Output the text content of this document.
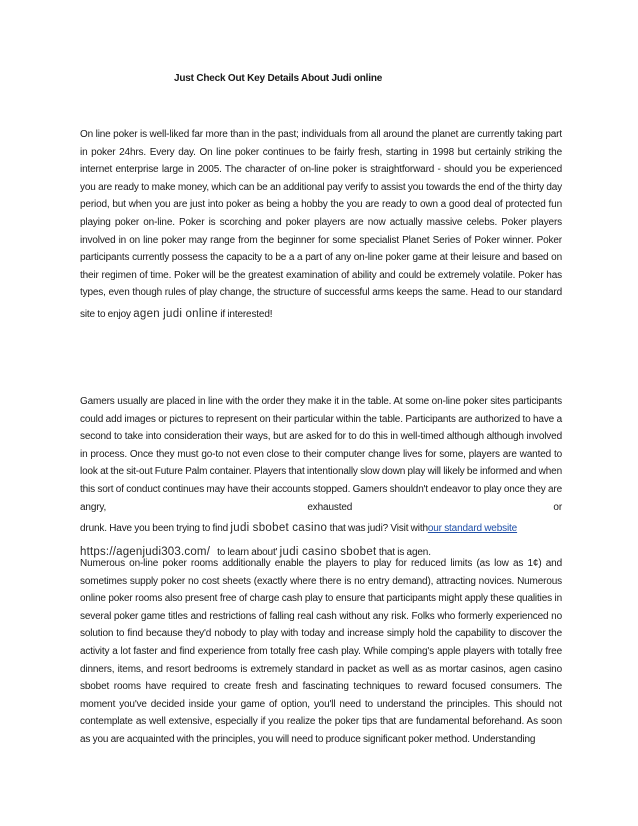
Just Check Out Key Details About Judi online
On line poker is well-liked far more than in the past; individuals from all around the planet are currently taking part in poker 24hrs. Every day. On line poker continues to be fairly fresh, starting in 1998 but certainly striking the internet enterprise large in 2005. The character of on-line poker is straightforward - should you be experienced you are ready to make money, which can be an additional pay verify to assist you towards the end of the thirty day period, but when you are just into poker as being a hobby the you are ready to own a good deal of protected fun playing poker on-line. Poker is scorching and poker players are now actually massive celebs. Poker players involved in on line poker may range from the beginner for some specialist Planet Series of Poker winner. Poker participants currently possess the capacity to be a a part of any on-line poker game at their leisure and based on their regimen of time. Poker will be the greatest examination of ability and could be extremely volatile. Poker has types, even though rules of play change, the structure of successful arms keeps the same. Head to our standard site to enjoy agen judi online if interested!
Gamers usually are placed in line with the order they make it in the table. At some on-line poker sites participants could add images or pictures to represent on their particular within the table. Participants are authorized to have a second to take into consideration their ways, but are asked for to do this in well-timed although although involved in process. Once they must go-to not even close to their computer change lives for some, players are wanted to look at the sit-out Future Palm container. Players that intentionally slow down play will likely be informed and when this sort of conduct continues may have their accounts stopped. Gamers shouldn't endeavor to play once they are angry, exhausted or drunk. Have you been trying to find judi sbobet casino that was judi? Visit withour standard website https://agenjudi303.com/ to learn about' judi casino sbobet that is agen.
Numerous on-line poker rooms additionally enable the players to play for reduced limits (as low as 1¢) and sometimes supply poker no cost sheets (exactly where there is no entry demand), attracting novices. Numerous online poker rooms also present free of charge cash play to ensure that participants might apply these qualities in several poker game titles and restrictions of falling real cash without any risk. Folks who formerly experienced no solution to find because they'd nobody to play with today and increase simply hold the capability to discover the activity a lot faster and find experience from totally free cash play. While comping's apple players with totally free dinners, items, and resort bedrooms is extremely standard in packet as well as as mortar casinos, agen casino sbobet rooms have required to create fresh and fascinating techniques to reward focused consumers. The moment you've decided inside your game of option, you'll need to understand the principles. This should not contemplate as well extensive, especially if you realize the poker tips that are fundamental beforehand. As soon as you are acquainted with the principles, you will need to produce significant poker method. Understanding
